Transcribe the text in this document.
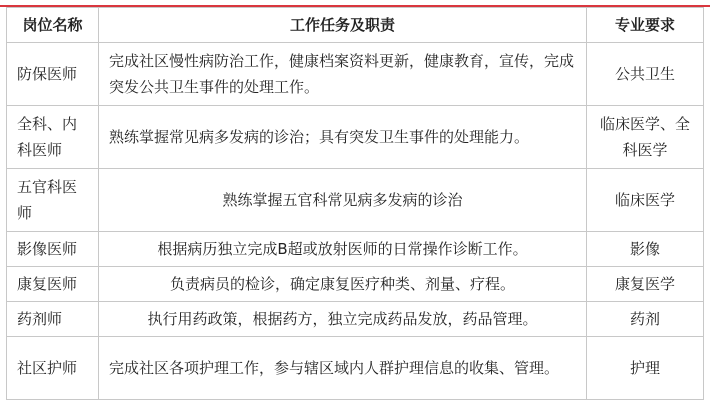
岗位名称	工作任务及职责	专业要求
防保医师	完成社区慢性病防治工作，健康档案资料更新，健康教育，宣传，完成突发公共卫生事件的处理工作。	公共卫生
全科、内科医师	熟练掌握常见病多发病的诊治；具有突发卫生事件的处理能力。	临床医学、全科医学
五官科医师	熟练掌握五官科常见病多发病的诊治	临床医学
影像医师	根据病历独立完成B超或放射医师的日常操作诊断工作。	影像
康复医师	负责病员的检诊，确定康复医疗种类、剂量、疗程。	康复医学
药剂师	执行用药政策，根据药方，独立完成药品发放，药品管理。	药剂
社区护师	完成社区各项护理工作，参与辖区域内人群护理信息的收集、管理。	护理
